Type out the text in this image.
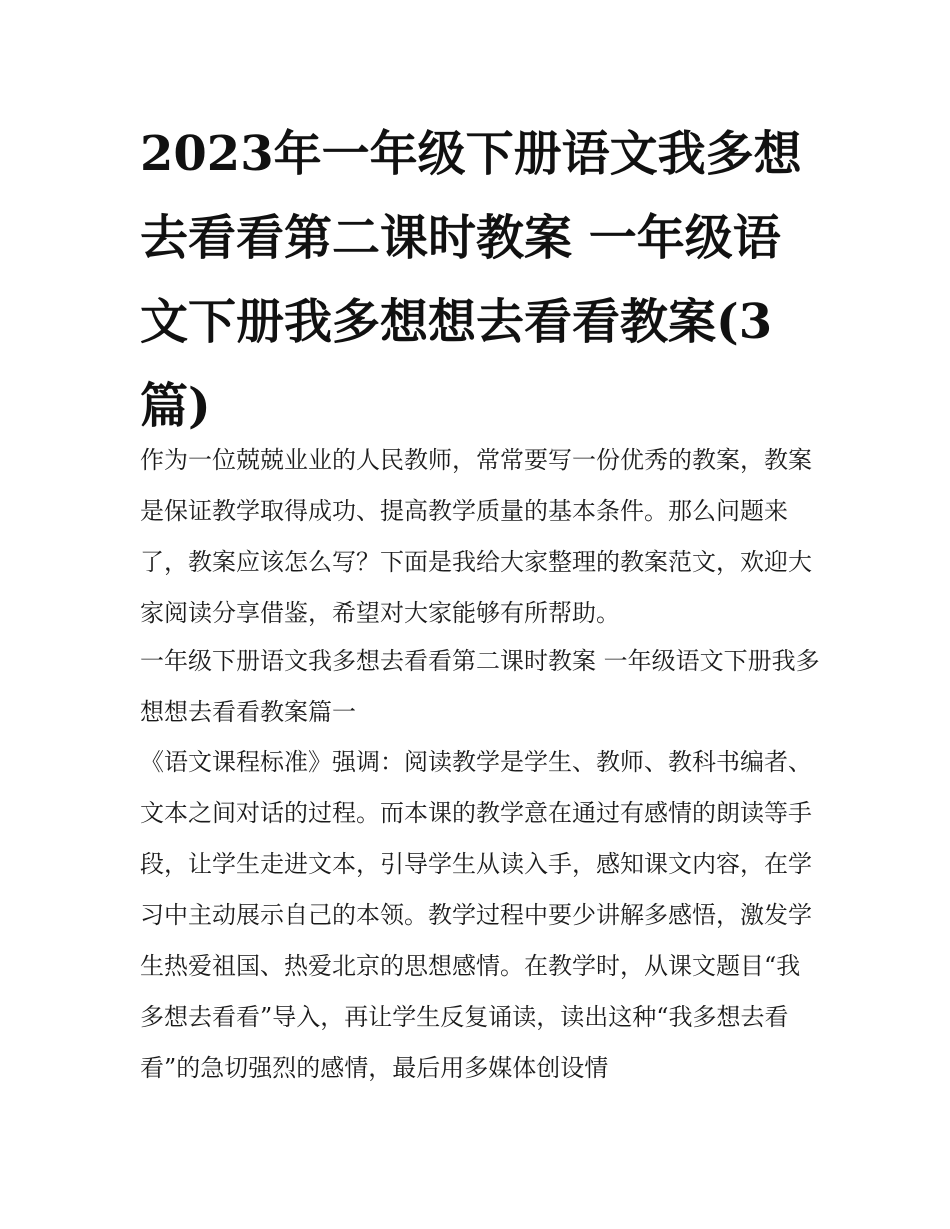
2023年一年级下册语文我多想去看看第二课时教案 一年级语文下册我多想想去看看教案(3篇)

作为一位兢兢业业的人民教师，常常要写一份优秀的教案，教案是保证教学取得成功、提高教学质量的基本条件。那么问题来了，教案应该怎么写？下面是我给大家整理的教案范文，欢迎大家阅读分享借鉴，希望对大家能够有所帮助。

一年级下册语文我多想去看看第二课时教案 一年级语文下册我多想想去看看教案篇一

《语文课程标准》强调：阅读教学是学生、教师、教科书编者、文本之间对话的过程。而本课的教学意在通过有感情的朗读等手段，让学生走进文本，引导学生从读入手，感知课文内容，在学习中主动展示自己的本领。教学过程中要少讲解多感悟，激发学生热爱祖国、热爱北京的思想感情。在教学时，从课文题目“我多想去看看”导入，再让学生反复诵读，读出这种“我多想去看看”的急切强烈的感情，最后用多媒体创设情
